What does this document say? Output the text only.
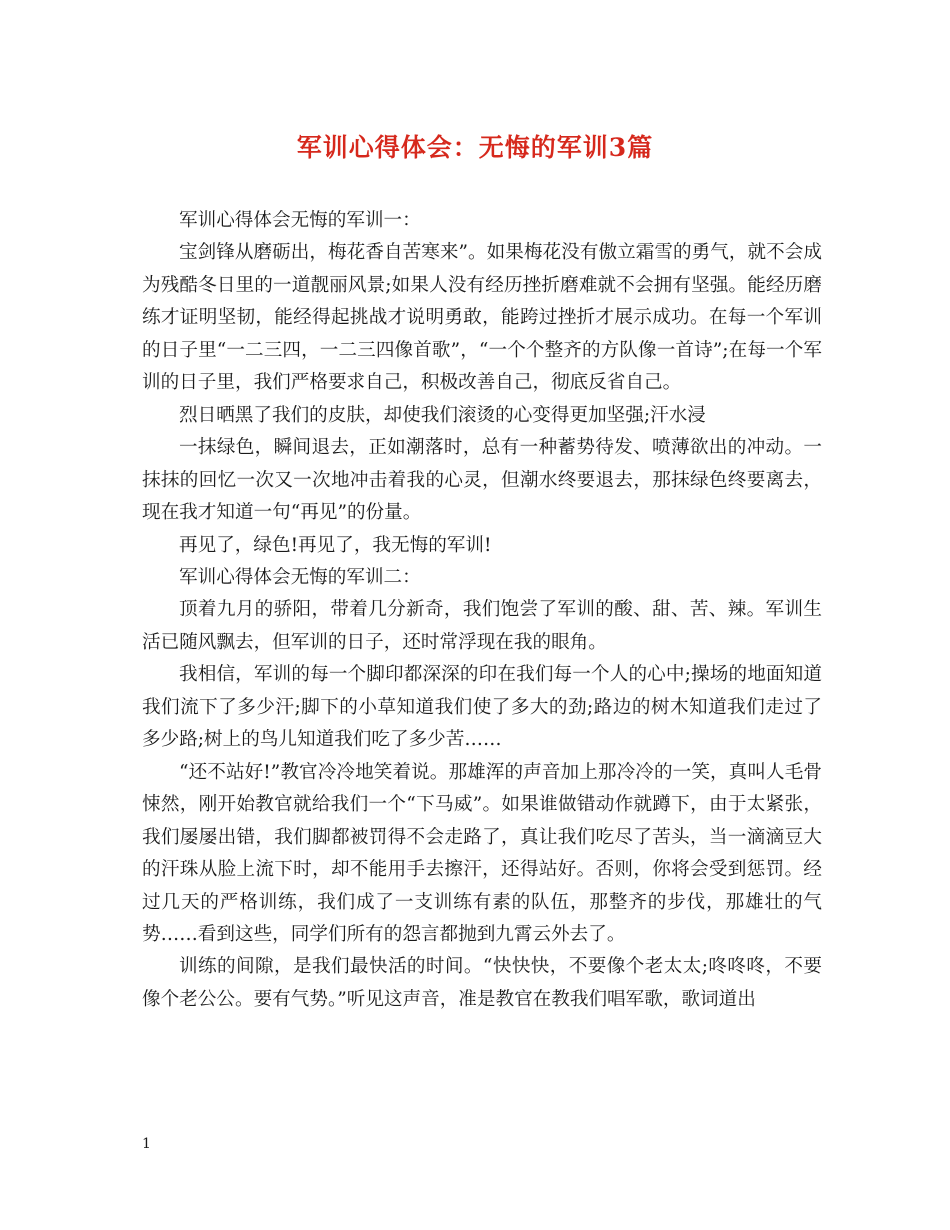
军训心得体会：无悔的军训3篇

军训心得体会无悔的军训一：

宝剑锋从磨砺出，梅花香自苦寒来”。如果梅花没有傲立霜雪的勇气，就不会成为残酷冬日里的一道靓丽风景;如果人没有经历挫折磨难就不会拥有坚强。能经历磨练才证明坚韧，能经得起挑战才说明勇敢，能跨过挫折才展示成功。在每一个军训的日子里“一二三四，一二三四像首歌”，“一个个整齐的方队像一首诗”;在每一个军训的日子里，我们严格要求自己，积极改善自己，彻底反省自己。

烈日晒黑了我们的皮肤，却使我们滚烫的心变得更加坚强;汗水浸

一抹绿色，瞬间退去，正如潮落时，总有一种蓄势待发、喷薄欲出的冲动。一抹抹的回忆一次又一次地冲击着我的心灵，但潮水终要退去，那抹绿色终要离去，现在我才知道一句“再见”的份量。

再见了，绿色!再见了，我无悔的军训!

军训心得体会无悔的军训二：

顶着九月的骄阳，带着几分新奇，我们饱尝了军训的酸、甜、苦、辣。军训生活已随风飘去，但军训的日子，还时常浮现在我的眼角。

我相信，军训的每一个脚印都深深的印在我们每一个人的心中;操场的地面知道我们流下了多少汗;脚下的小草知道我们使了多大的劲;路边的树木知道我们走过了多少路;树上的鸟儿知道我们吃了多少苦……

“还不站好!”教官冷冷地笑着说。那雄浑的声音加上那冷冷的一笑，真叫人毛骨悚然，刚开始教官就给我们一个“下马威”。如果谁做错动作就蹲下，由于太紧张，我们屡屡出错，我们脚都被罚得不会走路了，真让我们吃尽了苦头，当一滴滴豆大的汗珠从脸上流下时，却不能用手去擦汗，还得站好。否则，你将会受到惩罚。经过几天的严格训练，我们成了一支训练有素的队伍，那整齐的步伐，那雄壮的气势……看到这些，同学们所有的怨言都抛到九霄云外去了。

训练的间隙，是我们最快活的时间。“快快快，不要像个老太太;咚咚咚，不要像个老公公。要有气势。”听见这声音，准是教官在教我们唱军歌，歌词道出

1
